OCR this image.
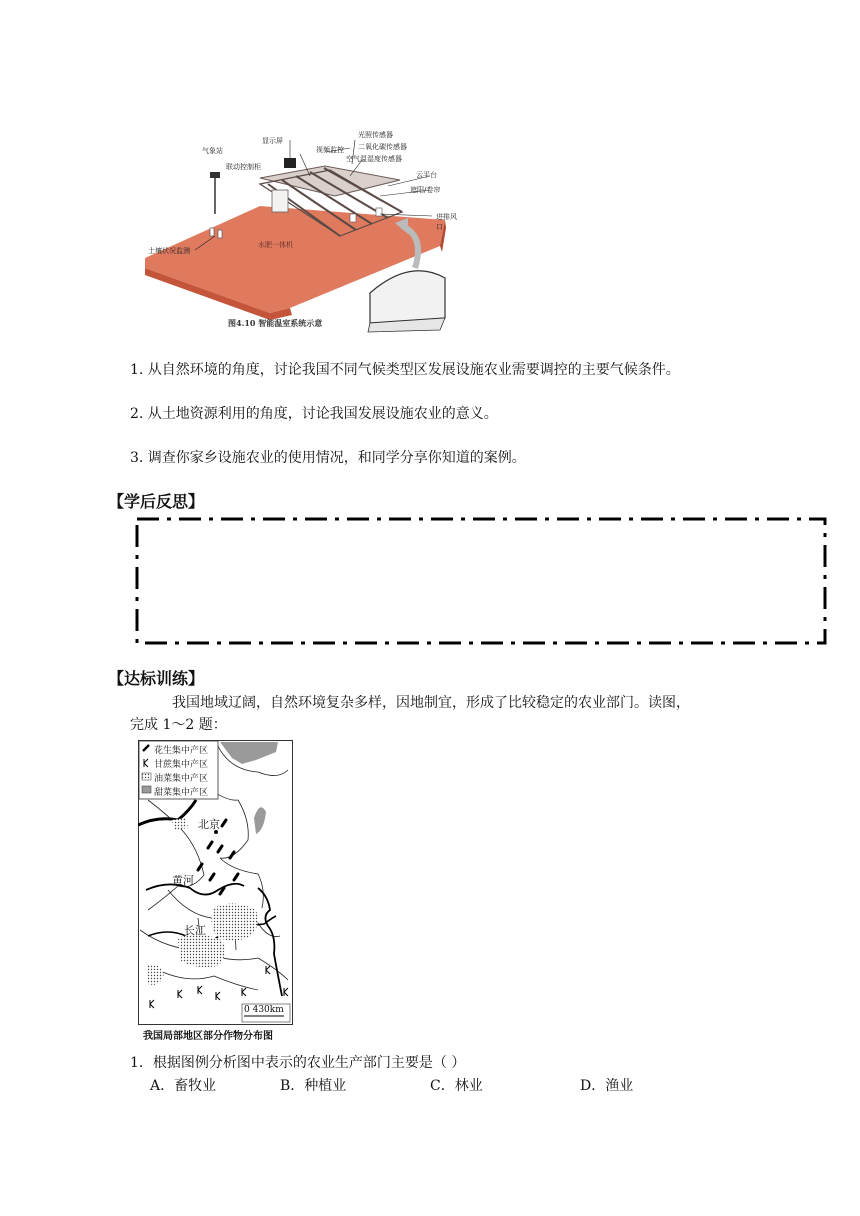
显示屏
气象站
联动控制柜
视频监控
光照传感器
二氧化碳传感器
空气温湿度传感器
云平台
遮阳/卷帘
进排风口
土壤状况监测
水肥一体机
图4.10 智能温室系统示意
1. 从自然环境的角度，讨论我国不同气候类型区发展设施农业需要调控的主要气候条件。
2. 从土地资源利用的角度，讨论我国发展设施农业的意义。
3. 调查你家乡设施农业的使用情况，和同学分享你知道的案例。
【学后反思】
【达标训练】
我国地域辽阔，自然环境复杂多样，因地制宜，形成了比较稳定的农业部门。读图，
完成 1～2 题：
花生集中产区
甘蔗集中产区
油菜集中产区
甜菜集中产区
北京
黄河
长江
0 430km
我国局部地区部分作物分布图
1．根据图例分析图中表示的农业生产部门主要是（ ）
A．畜牧业	B．种植业	C．林业	D．渔业
